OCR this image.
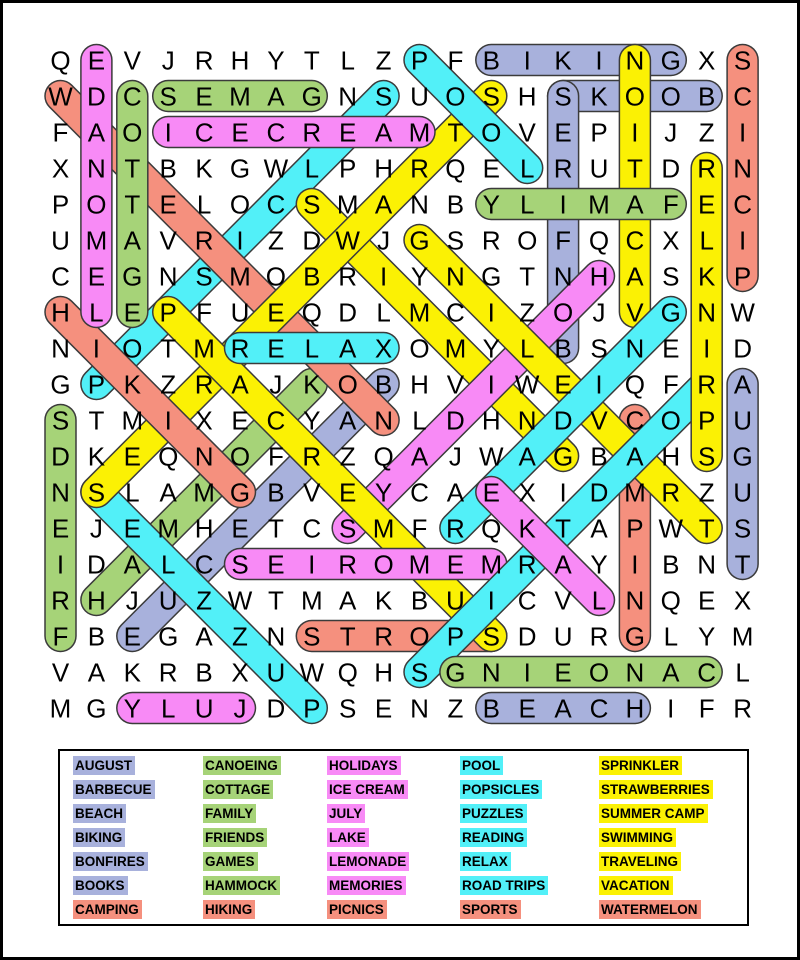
Q E V J R H Y T L Z P F B I K I N G X S
W D C S E M A G N S U O S H S K O O B C
F A O I C E C R E A M T O V E P I J Z I
X N T B K G W L P H R Q E L R U T D R N
P O T E L O C S M A N B Y L I M A F E C
U M A V R I Z D W J G S R O F Q C X L I
C E G N S M O B R I Y N G T N H A S K P
H L E P F U E Q D L M C I Z O J V G N W
N I O T M R E L A X O M Y L B S N E I D
G P K Z R A J K O B H V I W E I Q F R A
S T M I X E C Y A N L D H N D V C O P U
D K E Q N O F R Z Q A J W A G B A H S G
N S L A M G B V E Y C A E X I D M R Z U
E J E M H E T C S M F R Q K T A P W T S
I D A L C S E I R O M E M R A Y I B N T
R H J U Z W T M A K B U I C V L N Q E X
F B E G A Z N S T R O P S D U R G L Y M
V A K R B X U W Q H S G N I E O N A C L
M G Y L U J D P S E N Z B E A C H I F R
AUGUST
BARBECUE
BEACH
BIKING
BONFIRES
BOOKS
CAMPING
CANOEING
COTTAGE
FAMILY
FRIENDS
GAMES
HAMMOCK
HIKING
HOLIDAYS
ICE CREAM
JULY
LAKE
LEMONADE
MEMORIES
PICNICS
POOL
POPSICLES
PUZZLES
READING
RELAX
ROAD TRIPS
SPORTS
SPRINKLER
STRAWBERRIES
SUMMER CAMP
SWIMMING
TRAVELING
VACATION
WATERMELON
